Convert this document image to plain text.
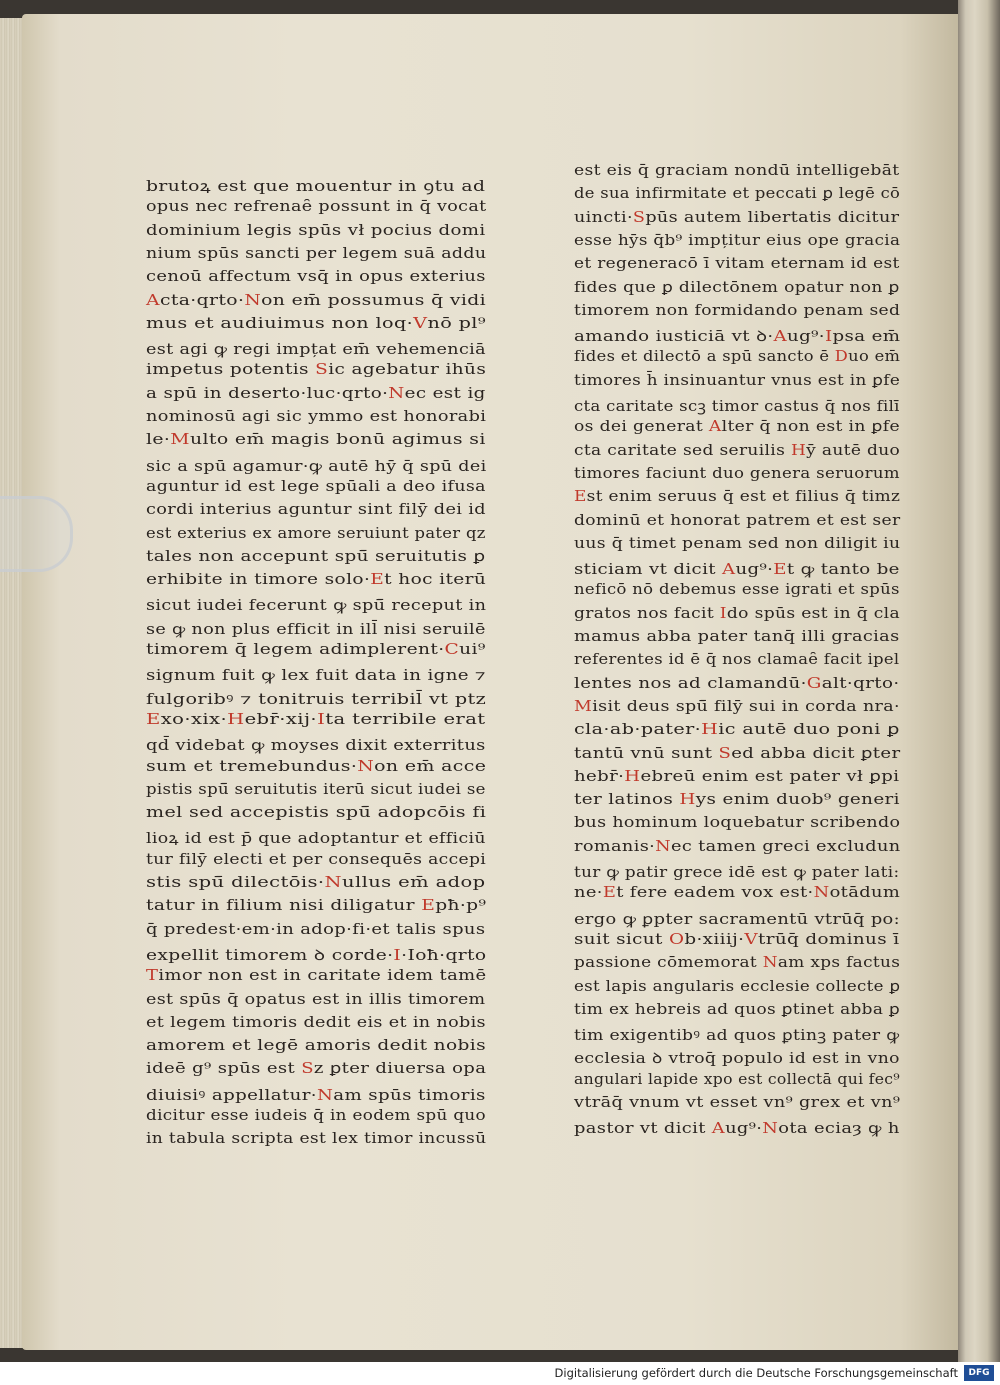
brutoꝝ est que mouentur in ꝯtu ad
opus nec refrenaȇ possunt in q̄ vocat
dominium legis spūs vł pocius domi
nium spūs sancti per legem suā addu
cenoū affectum vsq̄ in opus exterius
Acta·qrto·Non em̄ possumus q̄ vidi
mus et audiuimus non loq·Vnō pl⁹
est agi ꝙ regi impțat em̄ vehemenciā
impetus potentis Sic agebatur ihūs
a spū in deserto·luc·qrto·Nec est ig
nominosū agi sic ymmo est honorabi
le·Multo em̄ magis bonū agimus si
sic a spū agamur·ꝙ autē hȳ q̄ spū dei
aguntur id est lege spūali a deo ifusa
cordi interius aguntur sint filȳ dei id
est exterius ex amore seruiunt pater qz
tales non accepunt spū̄ seruitutis ꝑ
erhibite in timore solo·Et hoc iterū
sicut iudei fecerunt ꝙ spū̄ receput in
se ꝙ non plus efficit in ill̄ nisi seruilē
timorem q̄ legem adimplerent·Cui⁹
signum fuit ꝙ lex fuit data in igne ⁊
fulgoribꝰ ⁊ tonitruis terribil̄ vt ptz
Exo·xix·Hebr̄·xij·Ita terribile erat
qd̄ videbat ꝙ moyses dixit exterritus
sum et tremebundus·Non em̄ acce
pistis spū̄ seruitutis iterū sicut iudei se
mel sed accepistis spū̄ adopcōis fi
lioꝝ id est p̄ que adoptantur et efficiū
tur filȳ electi et per consequēs accepi
stis spū̄ dilectōis·Nullus em̄ adop
tatur in filium nisi diligatur Epħ·p⁹
q̄ predest·em·in adop·fi·et talis spus
expellit timorem ꝺ corde·I·Ioħ·qrto
Timor non est in caritate idem tamē
est spūs q̄ opatus est in illis timorem
et legem timoris dedit eis et in nobis
amorem et legē amoris dedit nobis
ideē g⁹ spūs est Sz ꝑter diuersa opa
diuisiꝰ appellatur·Nam spūs timoris
dicitur esse iudeis q̄ in eodem spū quo
in tabula scripta est lex timor incussū
est eis q̄ graciam nondū intelligebāt
de sua infirmitate et peccati ꝑ legē cō
uincti·Spūs autem libertatis dicitur
esse hȳs q̄b⁹ impțitur eius ope gracia
et regeneracō ī vitam eternam id est
fides que ꝑ dilectōnem opatur non ꝑ
timorem non formidando penam sed
amando iusticiā vt ꝺ·Aug⁹·Ipsa em̄
fides et dilectō a spū sancto ē Duo em̄
timores h̄ insinuantur vnus est in ꝑfe
cta caritate scꝫ timor castus q̄ nos filī
os dei generat Alter q̄ non est in ꝑfe
cta caritate sed seruilis Hȳ autē duo
timores faciunt duo genera seruorum
Est enim seruus q̄ est et filius q̄ timz
dominū et honorat patrem et est ser
uus q̄ timet penam sed non diligit iu
sticiam vt dicit Aug⁹·Et ꝙ tanto be
neficō nō debemus esse igrati et spūs
gratos nos facit Ido spūs est in q̄ cla
mamus abba pater tanq̄ illi gracias
referentes id ē q̄ nos clamaȇ facit ipel
lentes nos ad clamandū·Galt·qrto·
Misit deus spū̄ filȳ sui in corda nra·
cla·ab·pater·Hic autē duo poni ꝑ
tantū vnū sunt Sed abba dicit ꝑter
hebr̄·Hebreū enim est pater vł ꝑpi
ter latinos Hys enim duob⁹ generi
bus hominum loquebatur scribendo
romanis·Nec tamen greci excludun
tur ꝙ patir grece idē est ꝙ pater lati:
ne·Et fere eadem vox est·Notādum
ergo ꝙ ꝑpter sacramentū vtrūq̄ po:
suit sicut Ob·xiiij·Vtrūq̄ dominus ī
passione cōmemorat Nam xps factus
est lapis angularis ecclesie collecte ꝑ
tim ex hebreis ad quos ꝑtinet abba ꝑ
tim exigentibꝰ ad quos ꝑtinꝫ pater ꝙ
ecclesia ꝺ vtroq̄ populo id est in vno
angulari lapide xpo est collectā qui fec⁹
vtrāq̄ vnum vt esset vn⁹ grex et vn⁹
pastor vt dicit Aug⁹·Nota eciaȝ ꝙ h
Digitalisierung gefördert durch die Deutsche Forschungsgemeinschaft	DFG
